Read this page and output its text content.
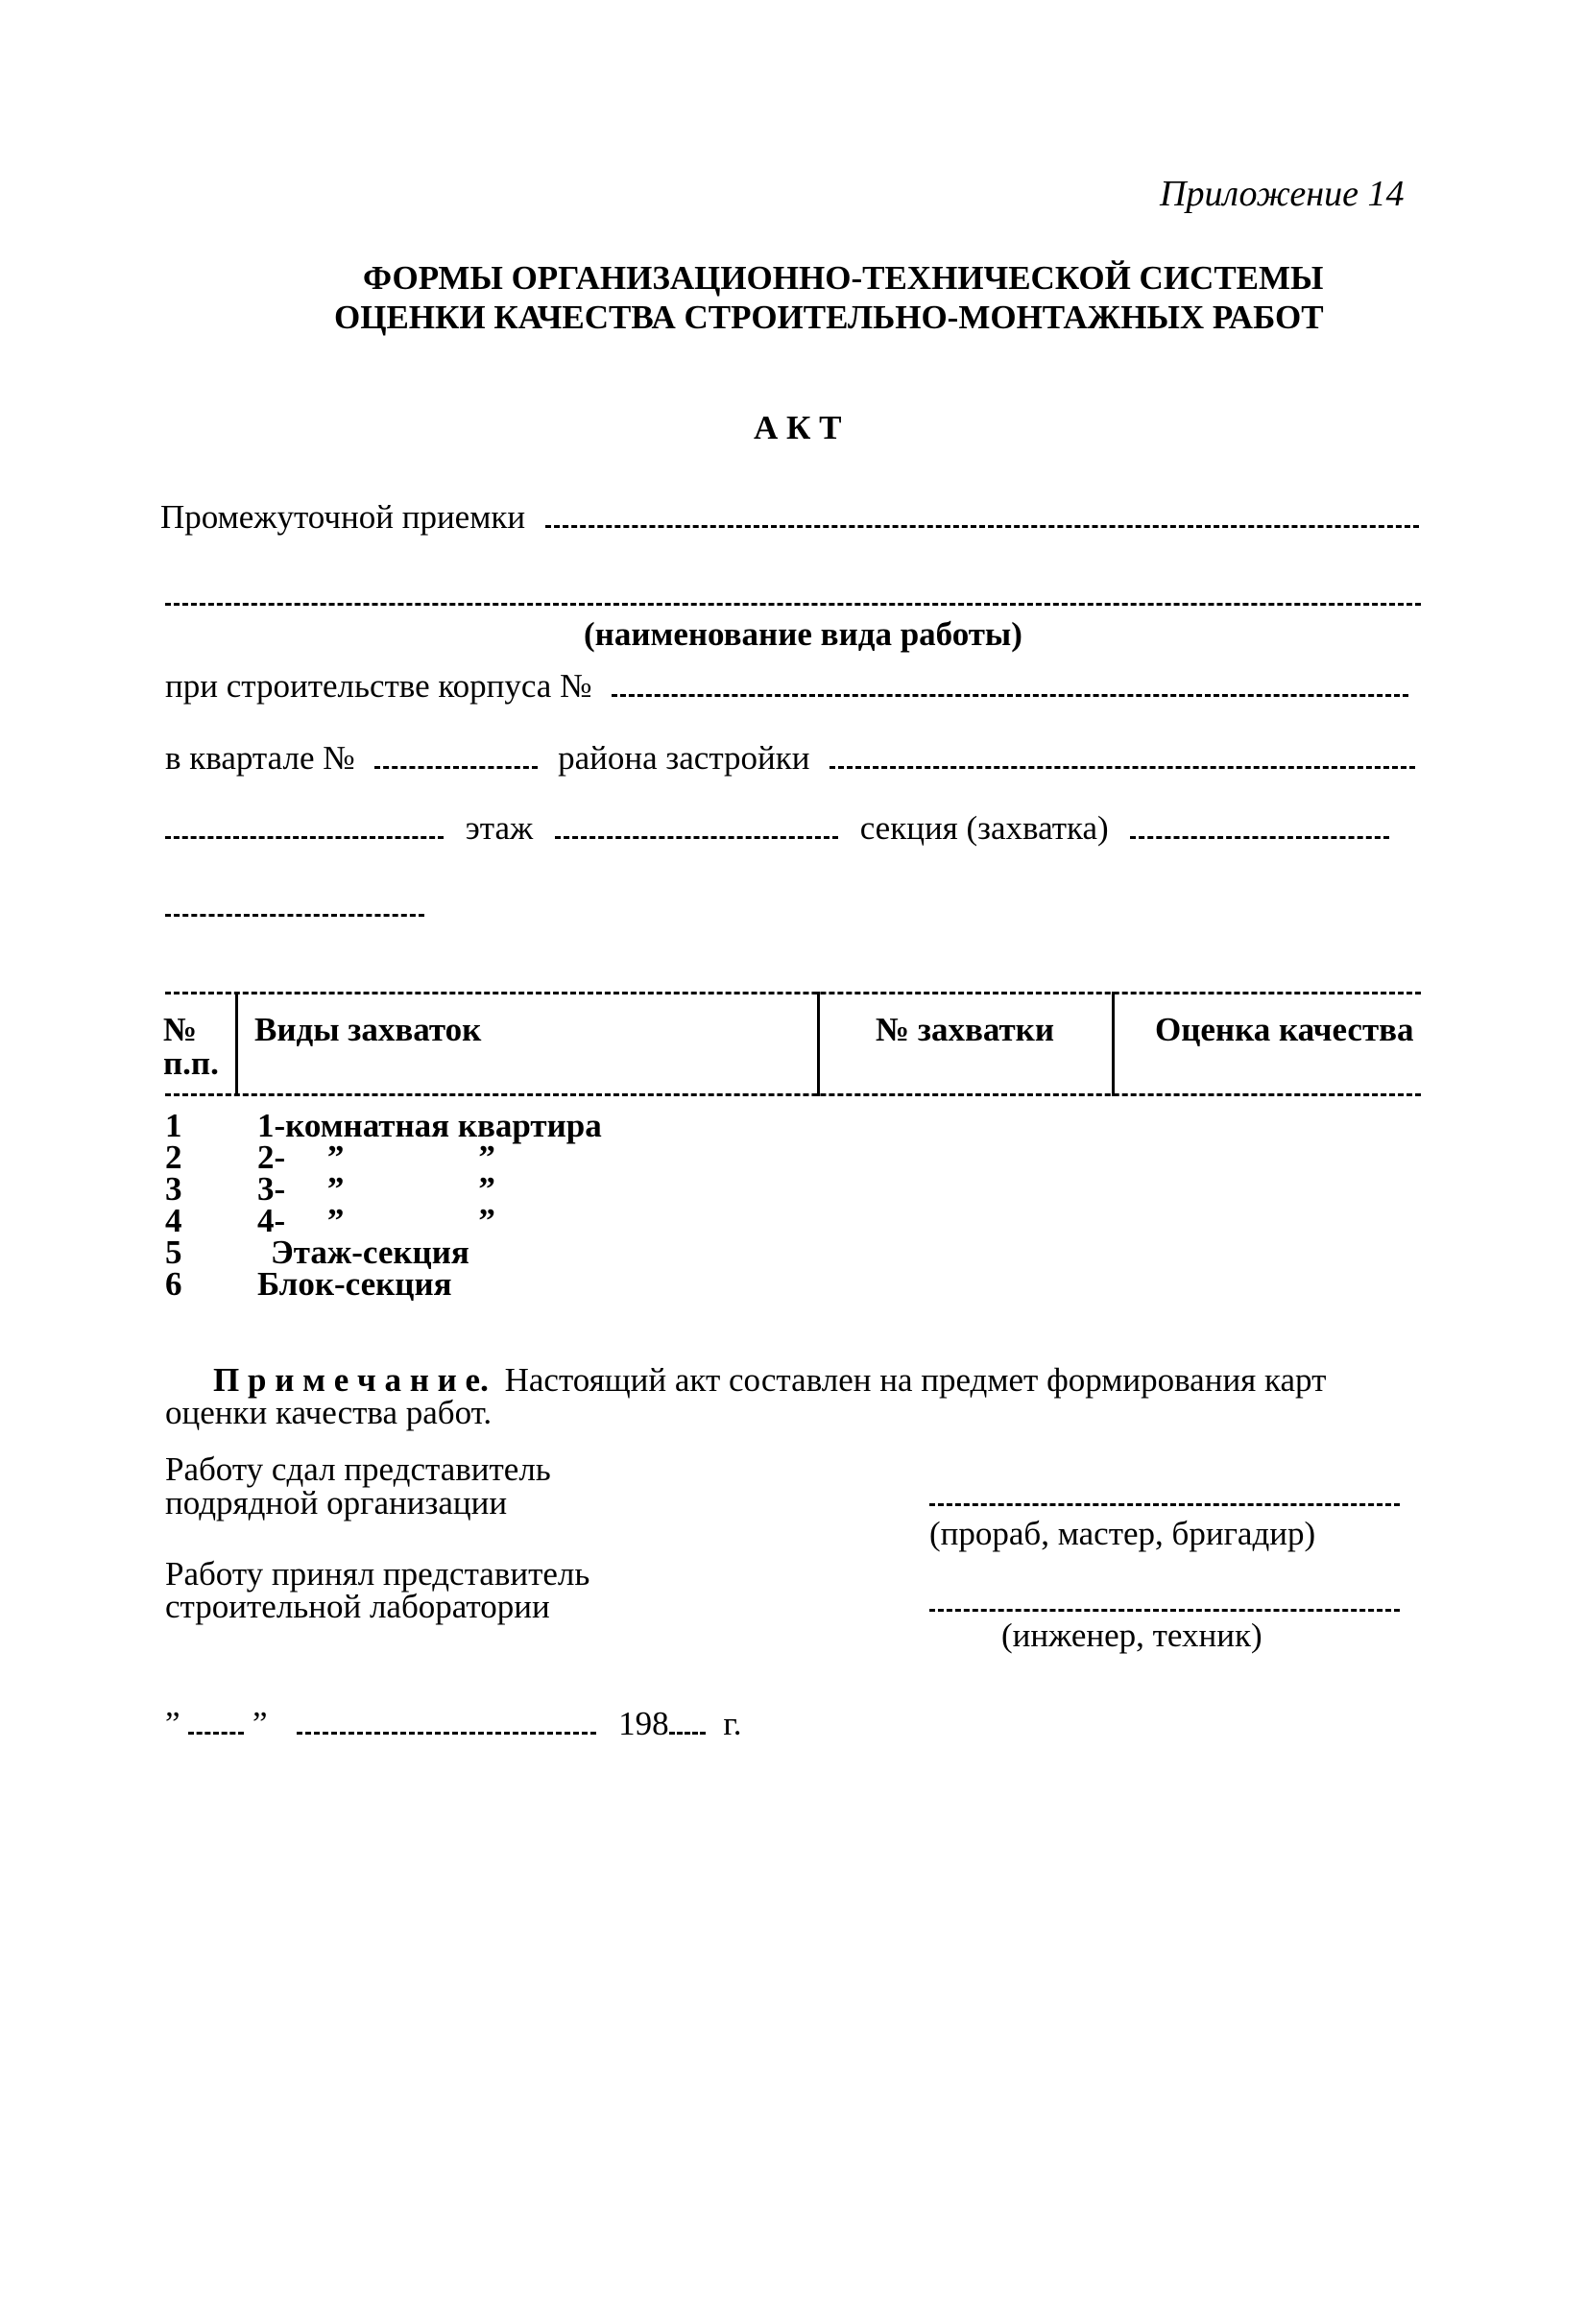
Приложение 14
ФОРМЫ ОРГАНИЗАЦИОННО-ТЕХНИЧЕСКОЙ СИСТЕМЫ
ОЦЕНКИ КАЧЕСТВА СТРОИТЕЛЬНО-МОНТАЖНЫХ РАБОТ
А К Т
Промежуточной приемки
(наименование вида работы)
при строительстве корпуса №
в квартале №	района застройки
этаж	секция (захватка)
№
п.п.
Виды захваток	№ захватки	Оценка качества
1 1-комнатная квартира
2 2-     ”                ”
3 3-     ”                ”
4 4-     ”                ”
5	Этаж-секция
6 Блок-секция
П р и м е ч а н и е. Настоящий акт составлен на предмет формирования карт
оценки качества работ.
Работу сдал представитель
подрядной организации
(прораб, мастер, бригадир)
Работу принял представитель
строительной лаборатории
(инженер, техник)
” ”	198 г.
